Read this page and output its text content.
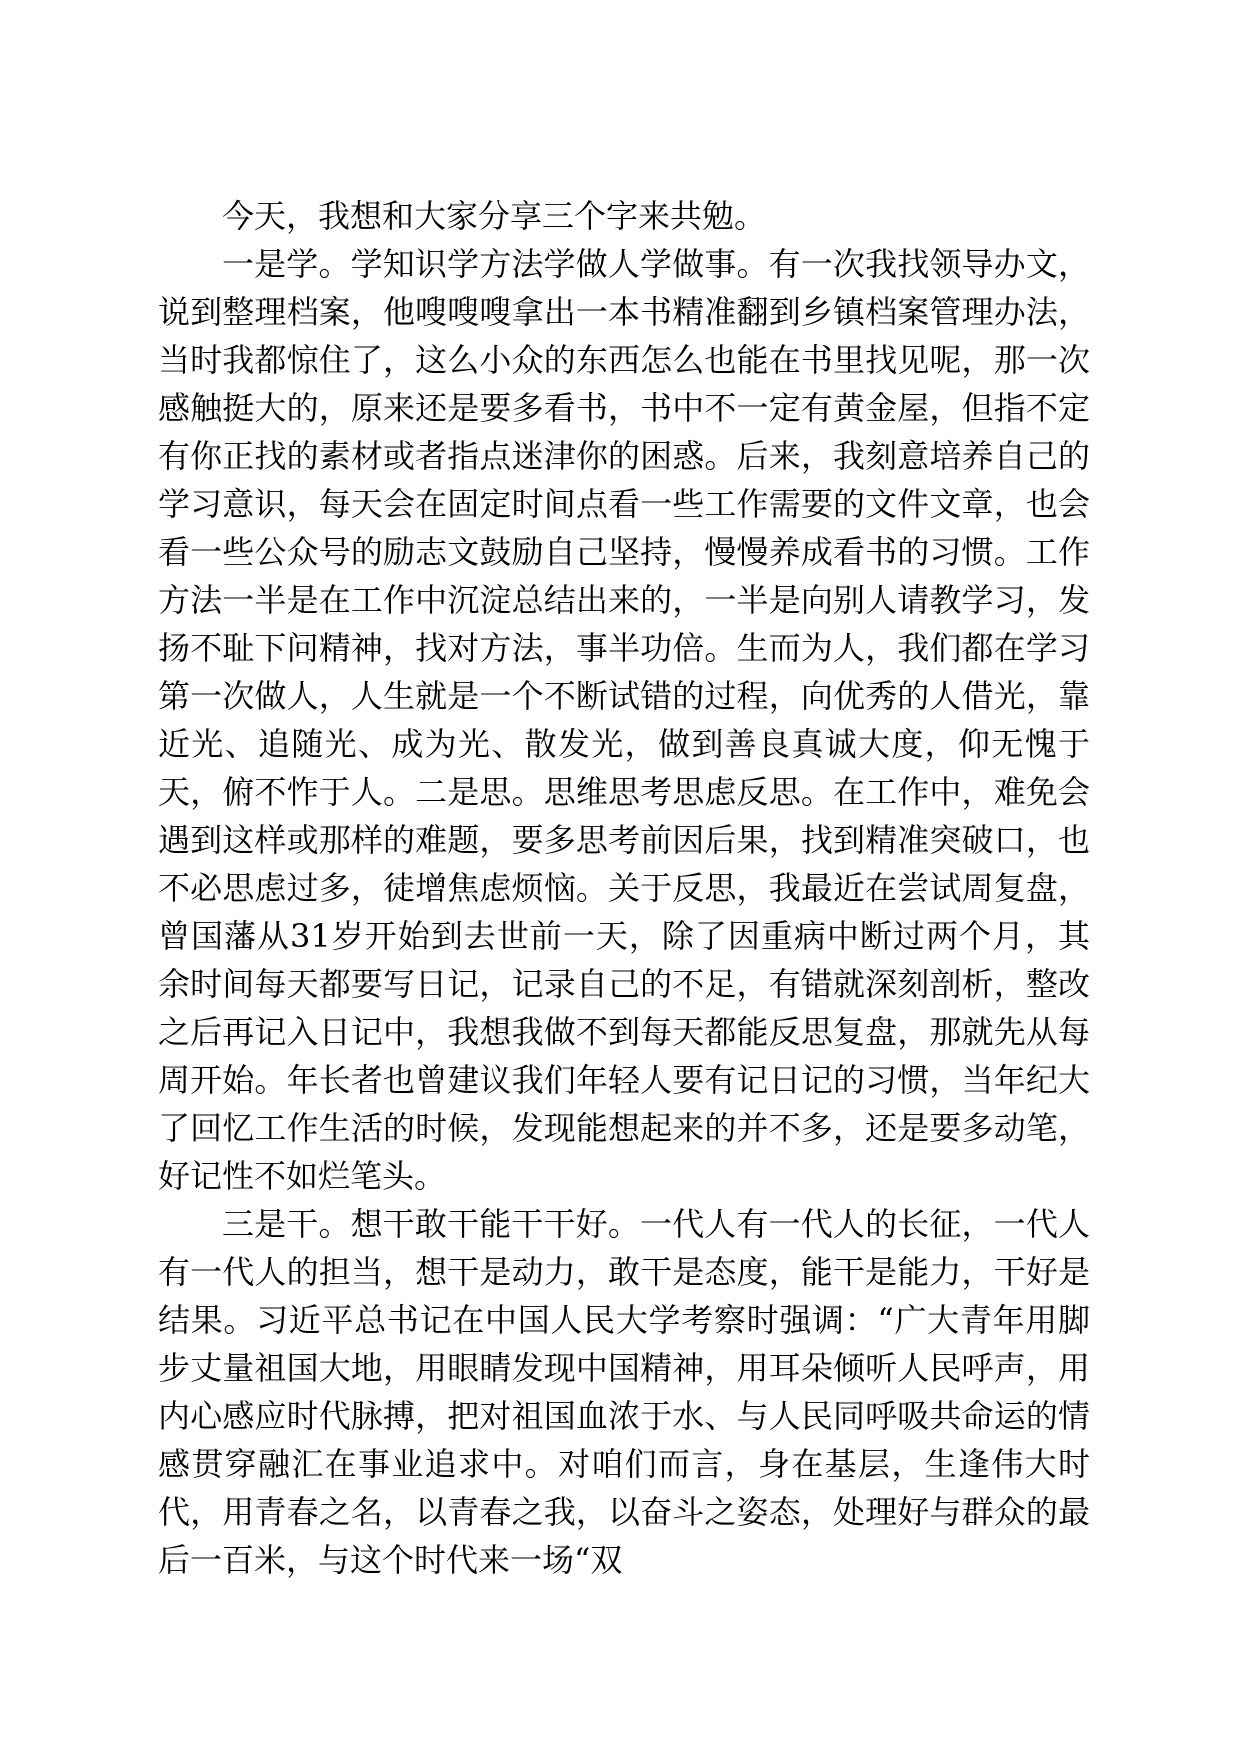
今天，我想和大家分享三个字来共勉。

一是学。学知识学方法学做人学做事。有一次我找领导办文，说到整理档案，他嗖嗖嗖拿出一本书精准翻到乡镇档案管理办法，当时我都惊住了，这么小众的东西怎么也能在书里找见呢，那一次感触挺大的，原来还是要多看书，书中不一定有黄金屋，但指不定有你正找的素材或者指点迷津你的困惑。后来，我刻意培养自己的学习意识，每天会在固定时间点看一些工作需要的文件文章，也会看一些公众号的励志文鼓励自己坚持，慢慢养成看书的习惯。工作方法一半是在工作中沉淀总结出来的，一半是向别人请教学习，发扬不耻下问精神，找对方法，事半功倍。生而为人，我们都在学习第一次做人，人生就是一个不断试错的过程，向优秀的人借光，靠近光、追随光、成为光、散发光，做到善良真诚大度，仰无愧于天，俯不怍于人。二是思。思维思考思虑反思。在工作中，难免会遇到这样或那样的难题，要多思考前因后果，找到精准突破口，也不必思虑过多，徒增焦虑烦恼。关于反思，我最近在尝试周复盘，曾国藩从31岁开始到去世前一天，除了因重病中断过两个月，其余时间每天都要写日记，记录自己的不足，有错就深刻剖析，整改之后再记入日记中，我想我做不到每天都能反思复盘，那就先从每周开始。年长者也曾建议我们年轻人要有记日记的习惯，当年纪大了回忆工作生活的时候，发现能想起来的并不多，还是要多动笔，好记性不如烂笔头。

三是干。想干敢干能干干好。一代人有一代人的长征，一代人有一代人的担当，想干是动力，敢干是态度，能干是能力，干好是结果。习近平总书记在中国人民大学考察时强调：“广大青年用脚步丈量祖国大地，用眼睛发现中国精神，用耳朵倾听人民呼声，用内心感应时代脉搏，把对祖国血浓于水、与人民同呼吸共命运的情感贯穿融汇在事业追求中。对咱们而言，身在基层，生逢伟大时代，用青春之名，以青春之我，以奋斗之姿态，处理好与群众的最后一百米，与这个时代来一场“双
